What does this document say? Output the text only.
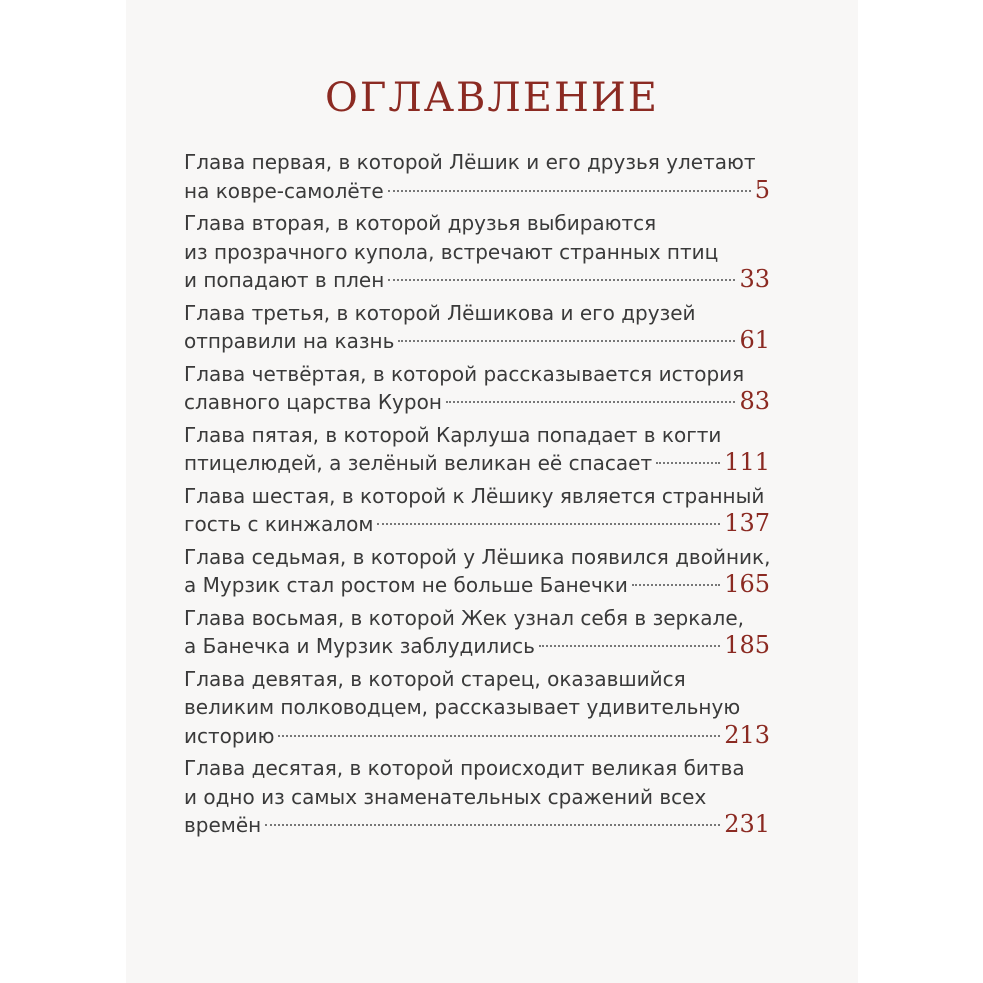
ОГЛАВЛЕНИЕ
Глава первая, в которой Лёшик и его друзья улетают
на ковре-самолёте	5
Глава вторая, в которой друзья выбираются
из прозрачного купола, встречают странных птиц
и попадают в плен	33
Глава третья, в которой Лёшикова и его друзей
отправили на казнь	61
Глава четвёртая, в которой рассказывается история
славного царства Курон	83
Глава пятая, в которой Карлуша попадает в когти
птицелюдей, а зелёный великан её спасает	111
Глава шестая, в которой к Лёшику является странный
гость с кинжалом	137
Глава седьмая, в которой у Лёшика появился двойник,
а Мурзик стал ростом не больше Банечки	165
Глава восьмая, в которой Жек узнал себя в зеркале,
а Банечка и Мурзик заблудились	185
Глава девятая, в которой старец, оказавшийся
великим полководцем, рассказывает удивительную
историю	213
Глава десятая, в которой происходит великая битва
и одно из самых знаменательных сражений всех
времён	231
